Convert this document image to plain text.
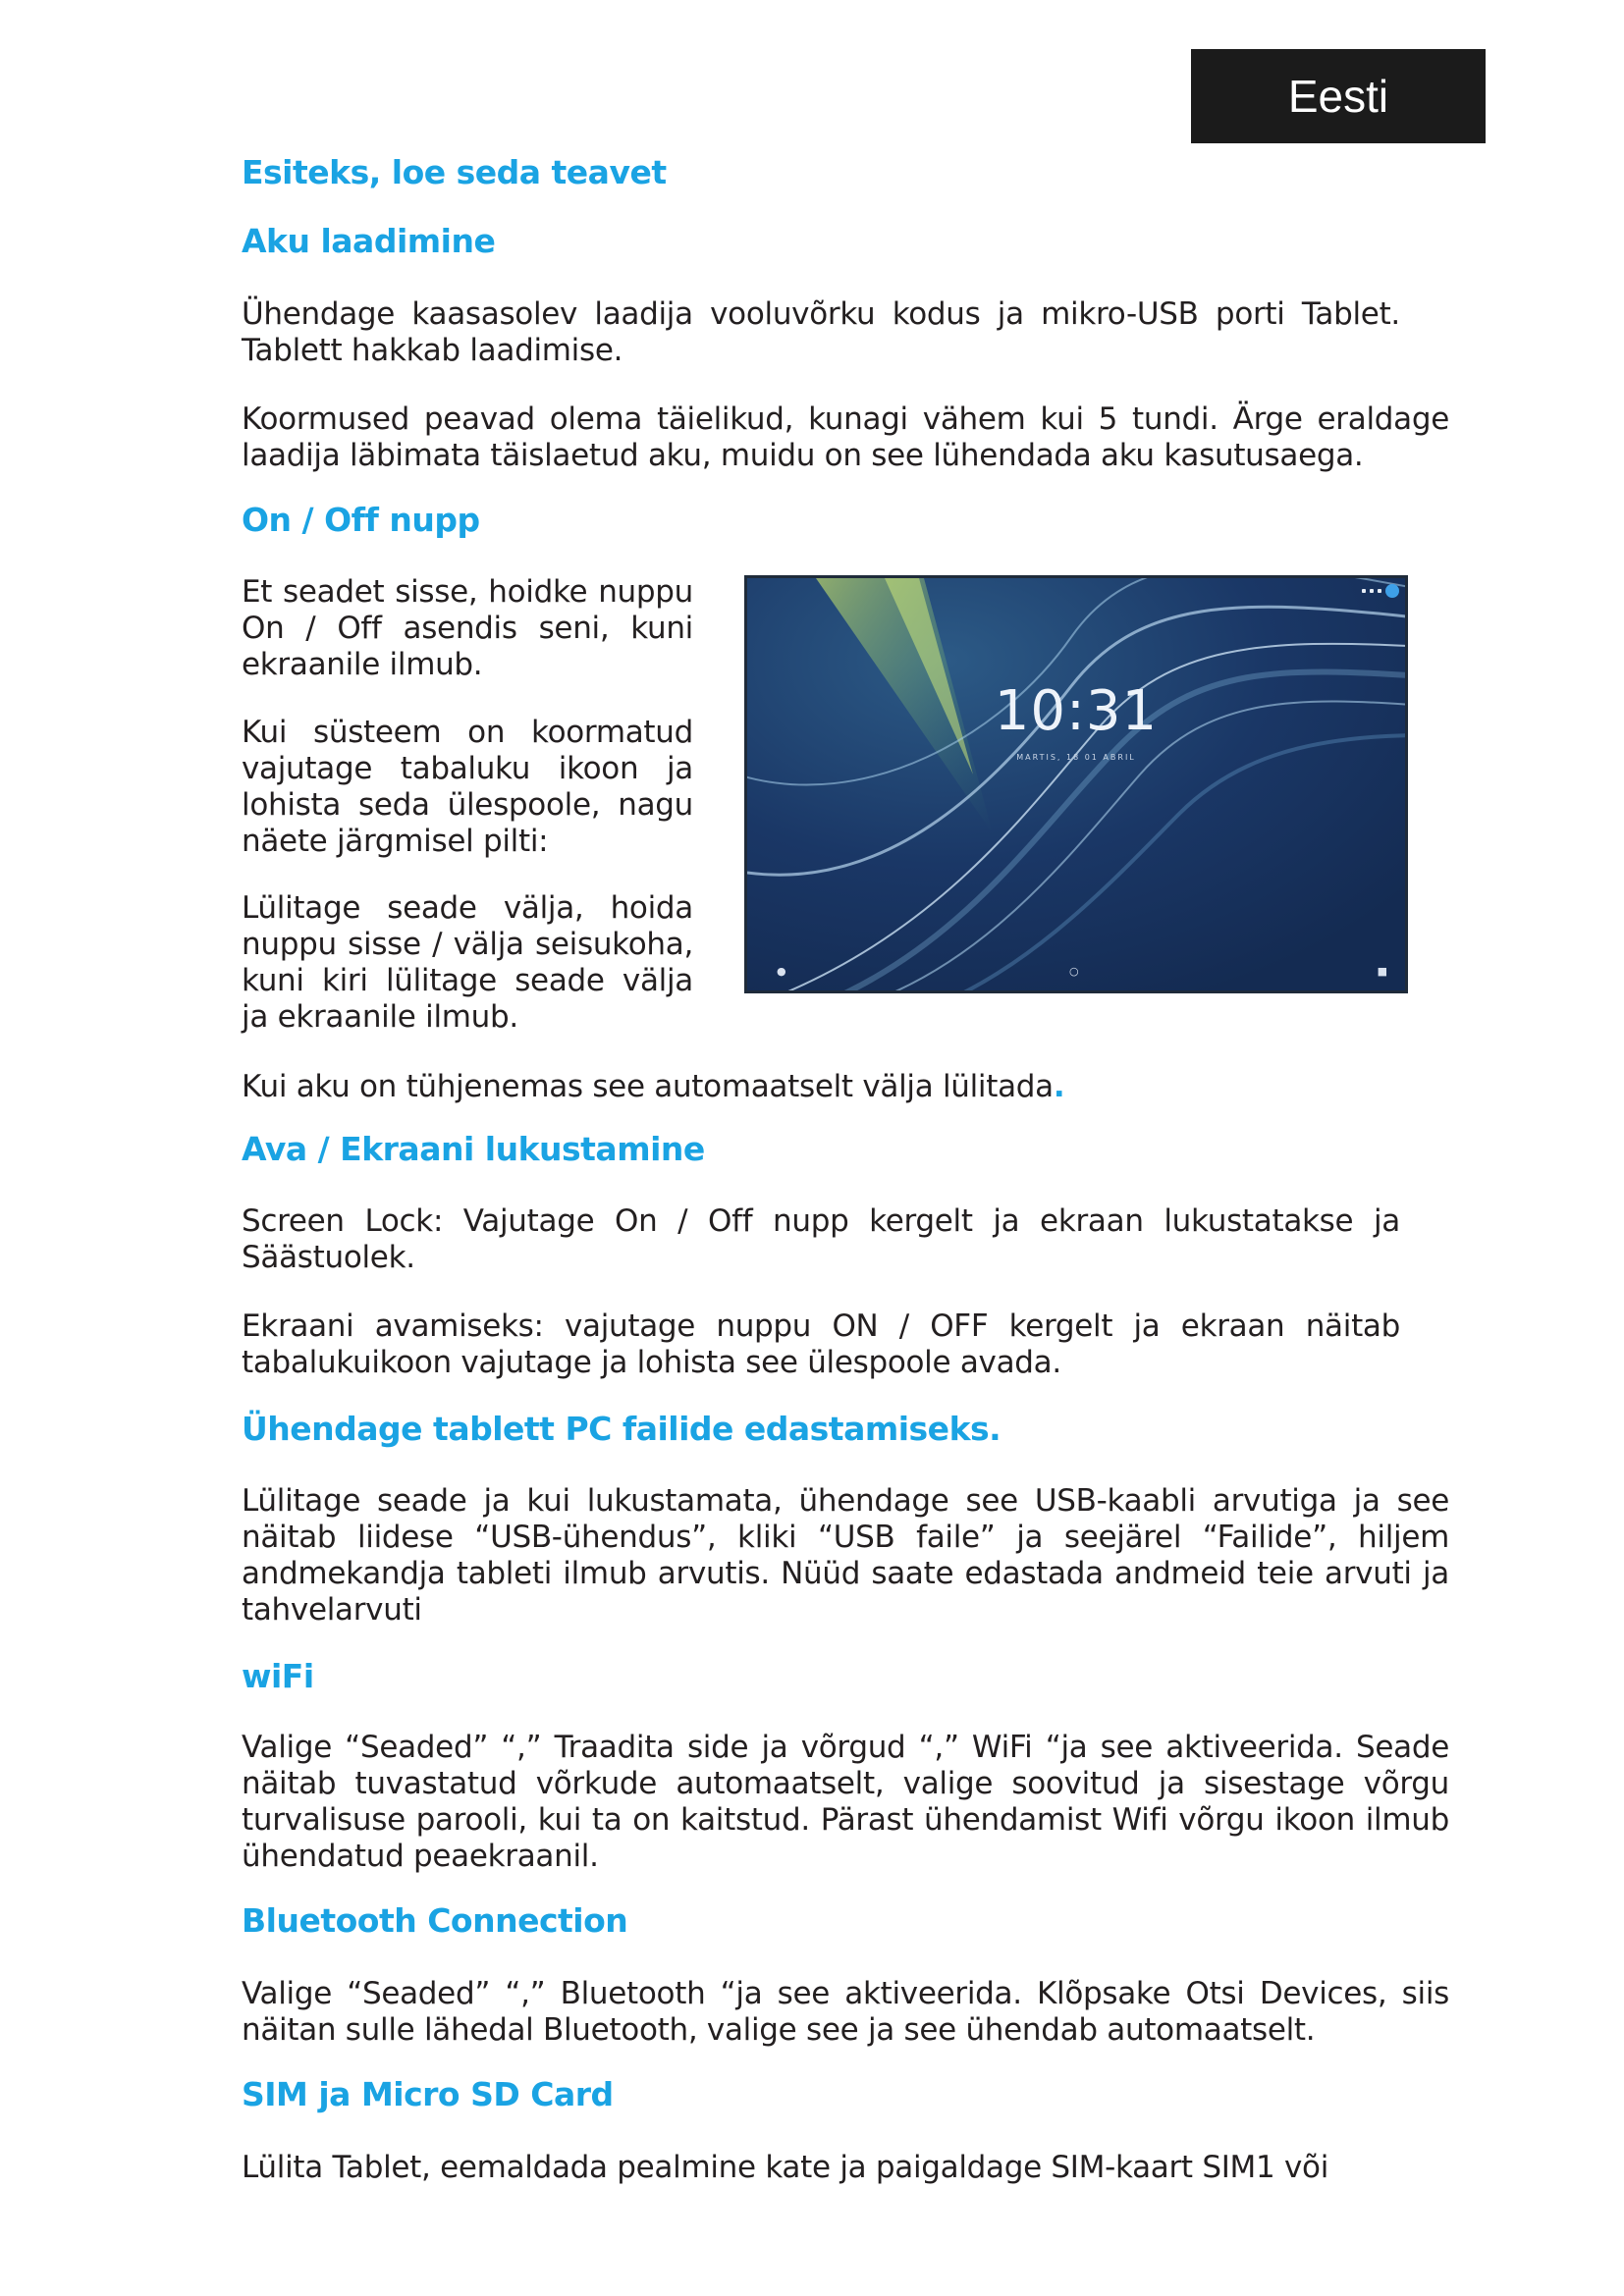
Eesti
Esiteks, loe seda teavet
Aku laadimine
Ühendage kaasasolev laadija vooluvõrku kodus ja mikro-USB porti Tablet. Tablett hakkab laadimise.
Koormused peavad olema täielikud, kunagi vähem kui 5 tundi. Ärge eraldage laadija läbimata täislaetud aku, muidu on see lühendada aku kasutusaega.
On / Off nupp
Et seadet sisse, hoidke nuppu On / Off asendis seni, kuni ekraanile ilmub.
Kui süsteem on koormatud vajutage tabaluku ikoon ja lohista seda ülespoole, nagu näete järgmisel pilti:
Lülitage seade välja, hoida nuppu sisse / välja seisukoha, kuni kiri lülitage seade välja ja ekraanile ilmub.
10:31
MARTIS, 18 01 ABRIL
●	○	■
Kui aku on tühjenemas see automaatselt välja lülitada.
Ava / Ekraani lukustamine
Screen Lock: Vajutage On / Off nupp kergelt ja ekraan lukustatakse ja Säästuolek.
Ekraani avamiseks: vajutage nuppu ON / OFF kergelt ja ekraan näitab tabalukuikoon vajutage ja lohista see ülespoole avada.
Ühendage tablett PC failide edastamiseks.
Lülitage seade ja kui lukustamata, ühendage see USB-kaabli arvutiga ja see näitab liidese “USB-ühendus”, kliki “USB faile” ja seejärel “Failide”, hiljem andmekandja tableti ilmub arvutis. Nüüd saate edastada andmeid teie arvuti ja tahvelarvuti
wiFi
Valige “Seaded” “,” Traadita side ja võrgud “,” WiFi “ja see aktiveerida. Seade näitab tuvastatud võrkude automaatselt, valige soovitud ja sisestage võrgu turvalisuse parooli, kui ta on kaitstud. Pärast ühendamist Wifi võrgu ikoon ilmub ühendatud peaekraanil.
Bluetooth Connection
Valige “Seaded” “,” Bluetooth “ja see aktiveerida. Klõpsake Otsi Devices, siis näitan sulle lähedal Bluetooth, valige see ja see ühendab automaatselt.
SIM ja Micro SD Card
Lülita Tablet, eemaldada pealmine kate ja paigaldage SIM-kaart SIM1 või
